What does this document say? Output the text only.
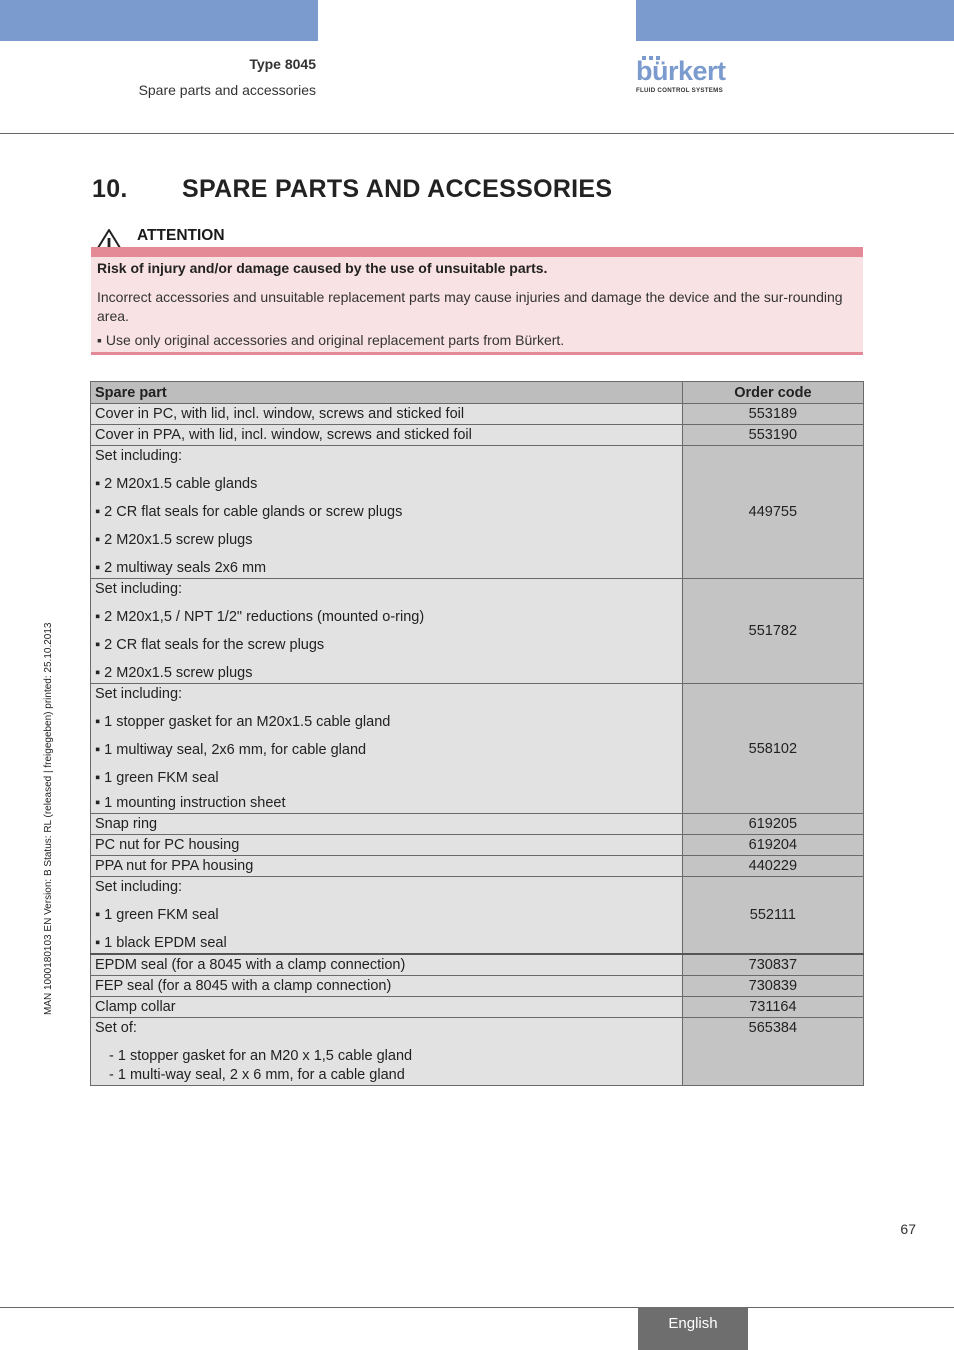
Type 8045
Spare parts and accessories
bürkert
FLUID CONTROL SYSTEMS
10. SPARE PARTS AND ACCESSORIES
ATTENTION
Risk of injury and/or damage caused by the use of unsuitable parts.
Incorrect accessories and unsuitable replacement parts may cause injuries and damage the device and the sur-rounding area.
▪ Use only original accessories and original replacement parts from Bürkert.
Spare part	Order code
Cover in PC, with lid, incl. window, screws and sticked foil	553189
Cover in PPA, with lid, incl. window, screws and sticked foil	553190

Set including:
▪ 2 M20x1.5 cable glands
▪ 2 CR flat seals for cable glands or screw plugs
▪ 2 M20x1.5 screw plugs
▪ 2 multiway seals 2x6 mm	449755

Set including:
▪ 2 M20x1,5 / NPT 1/2" reductions (mounted o-ring)
▪ 2 CR flat seals for the screw plugs
▪ 2 M20x1.5 screw plugs	551782

Set including:
▪ 1 stopper gasket for an M20x1.5 cable gland
▪ 1 multiway seal, 2x6 mm, for cable gland
▪ 1 green FKM seal
▪ 1 mounting instruction sheet	558102
Snap ring	619205
PC nut for PC housing	619204
PPA nut for PPA housing	440229

Set including:
▪ 1 green FKM seal
▪ 1 black EPDM seal	552111
EPDM seal (for a 8045 with a clamp connection)	730837
FEP seal (for a 8045 with a clamp connection)	730839
Clamp collar	731164

Set of:
- 1 stopper gasket for an M20 x 1,5 cable gland
- 1 multi-way seal, 2 x 6 mm, for a cable gland	565384
MAN 1000180103 EN Version: B Status: RL (released | freigegeben) printed: 25.10.2013
67
English
